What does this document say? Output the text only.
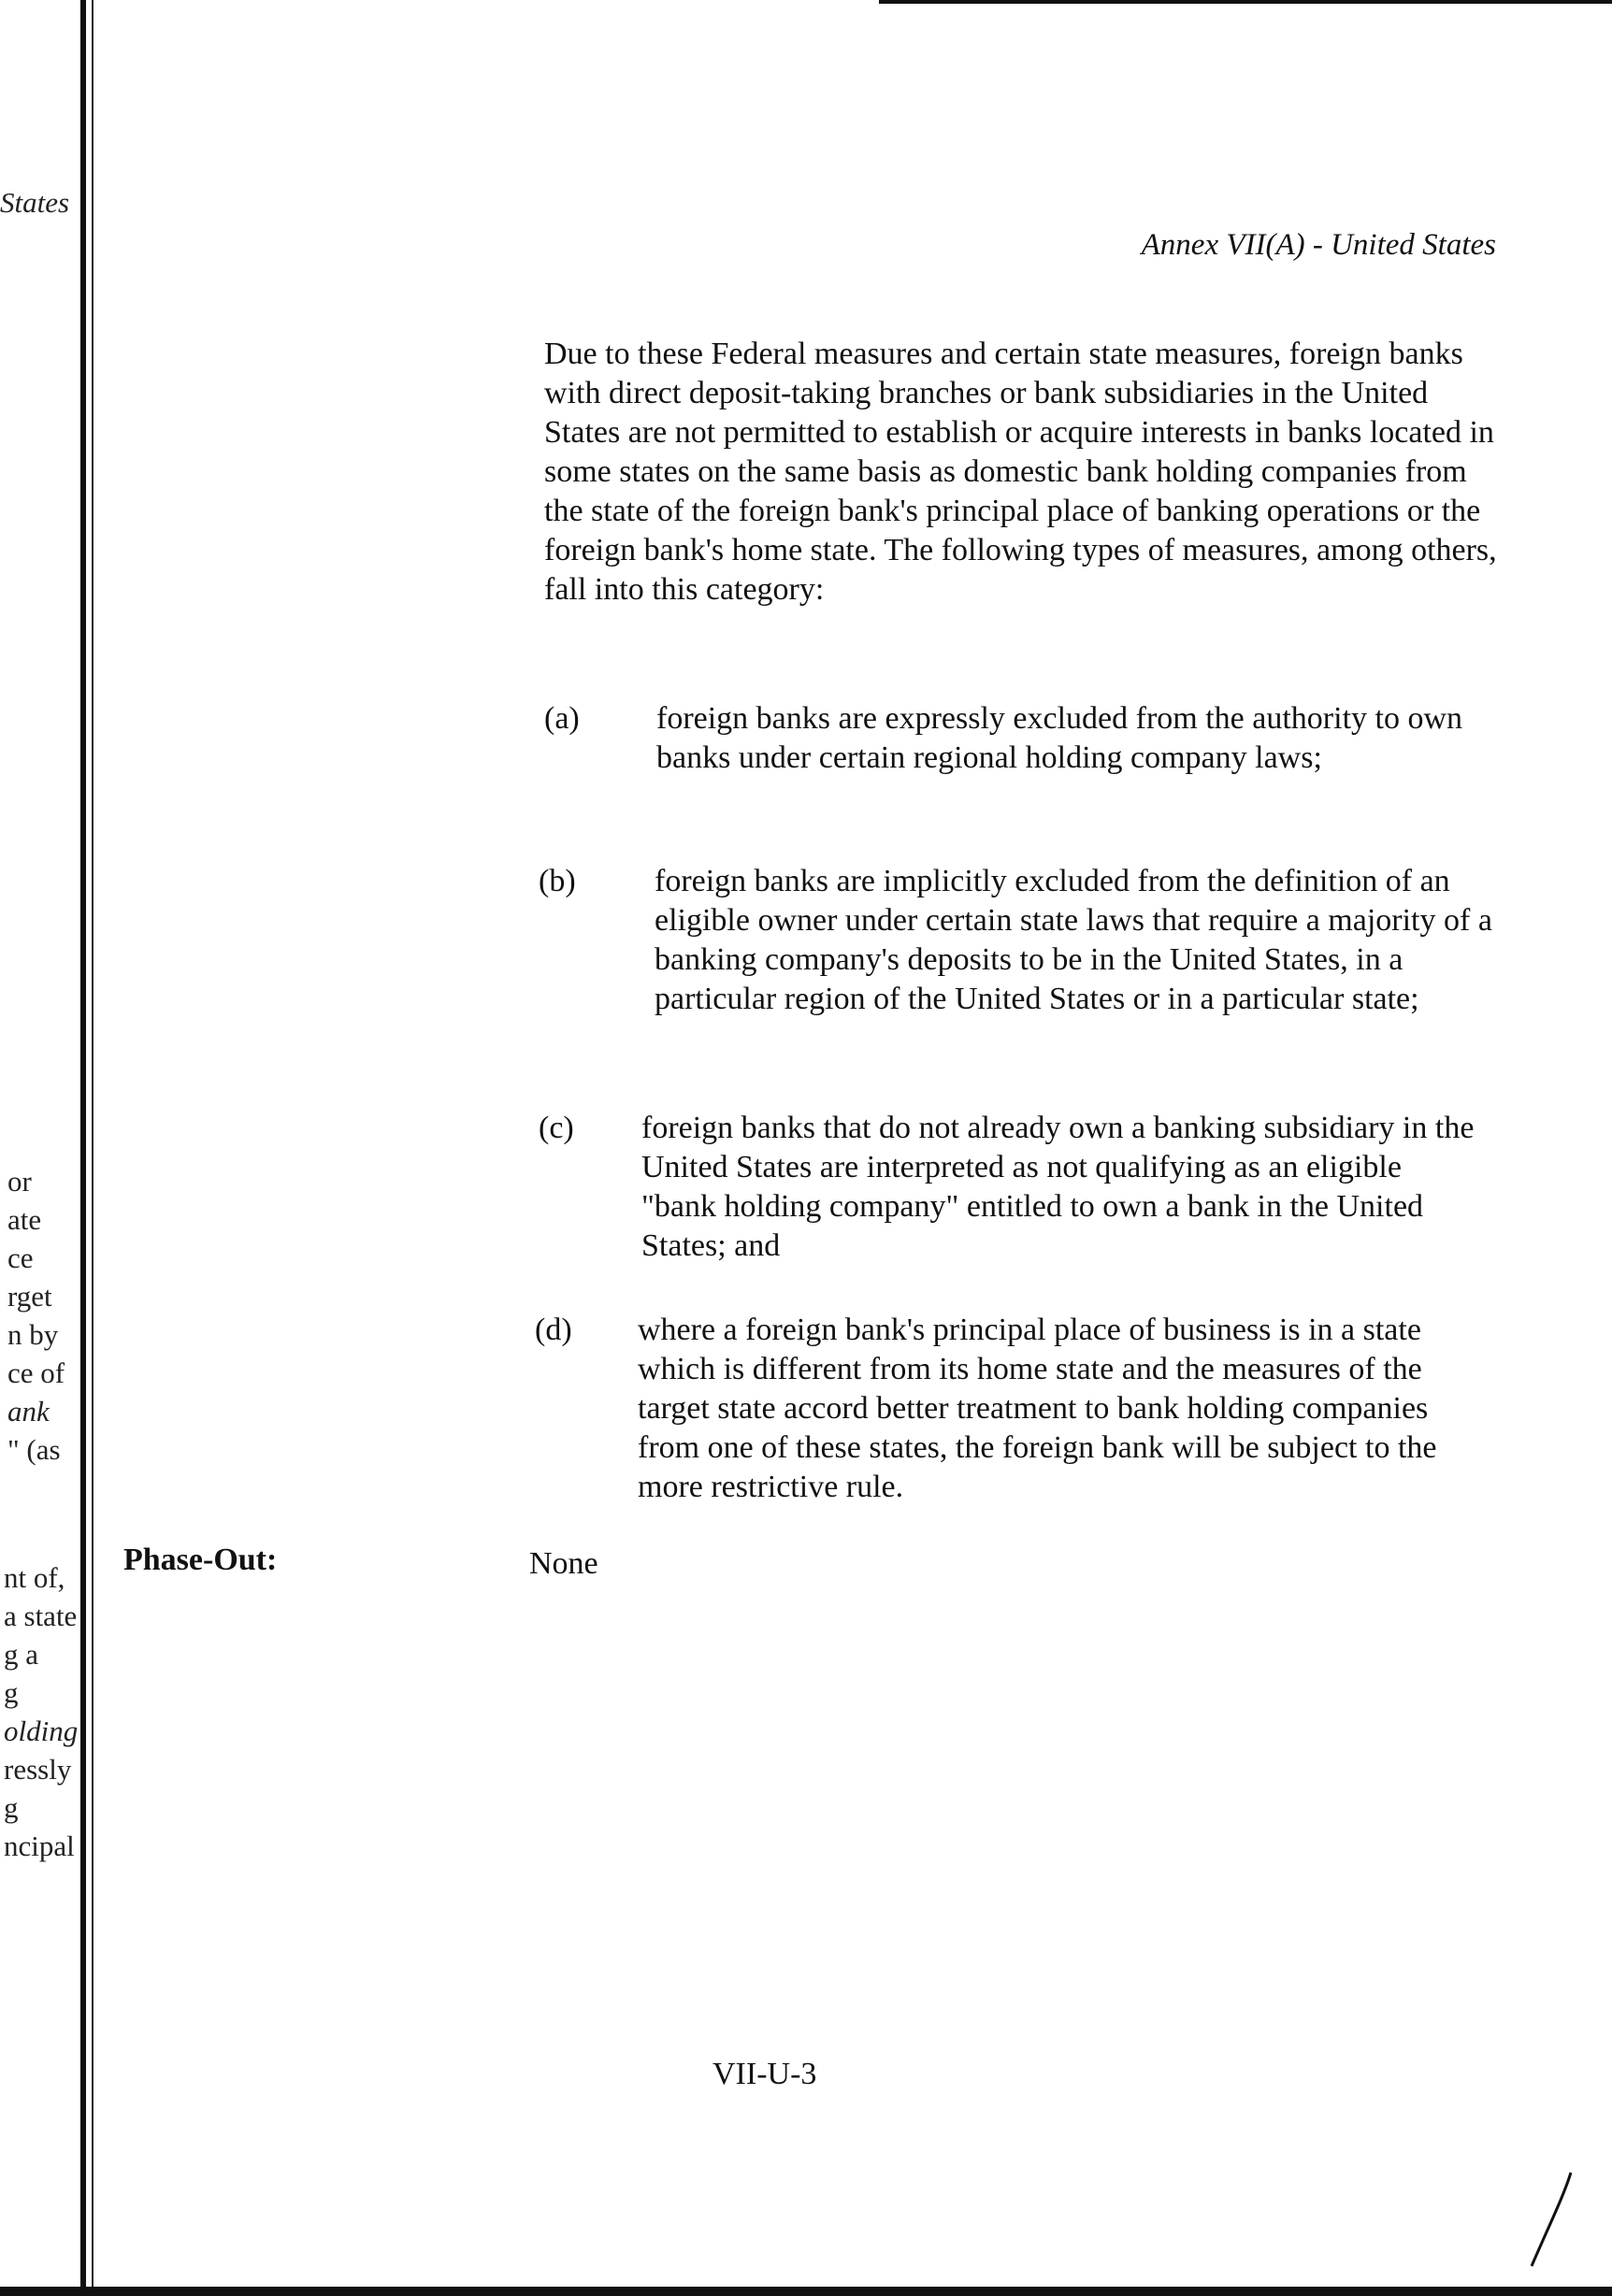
States
or
ate
ce
rget
n by
ce of
ank
" (as
nt of,
a state
g a
g
olding
ressly
g
ncipal
Annex VII(A) - United States
Due to these Federal measures and certain state measures, foreign banks with direct deposit-taking branches or bank subsidiaries in the United States are not permitted to establish or acquire interests in banks located in some states on the same basis as domestic bank holding companies from the state of the foreign bank's principal place of banking operations or the foreign bank's home state. The following types of measures, among others, fall into this category:
(a) foreign banks are expressly excluded from the authority to own banks under certain regional holding company laws;
(b) foreign banks are implicitly excluded from the definition of an eligible owner under certain state laws that require a majority of a banking company's deposits to be in the United States, in a particular region of the United States or in a particular state;
(c) foreign banks that do not already own a banking subsidiary in the United States are interpreted as not qualifying as an eligible "bank holding company" entitled to own a bank in the United States; and
(d) where a foreign bank's principal place of business is in a state which is different from its home state and the measures of the target state accord better treatment to bank holding companies from one of these states, the foreign bank will be subject to the more restrictive rule.
Phase-Out:	None
VII-U-3
